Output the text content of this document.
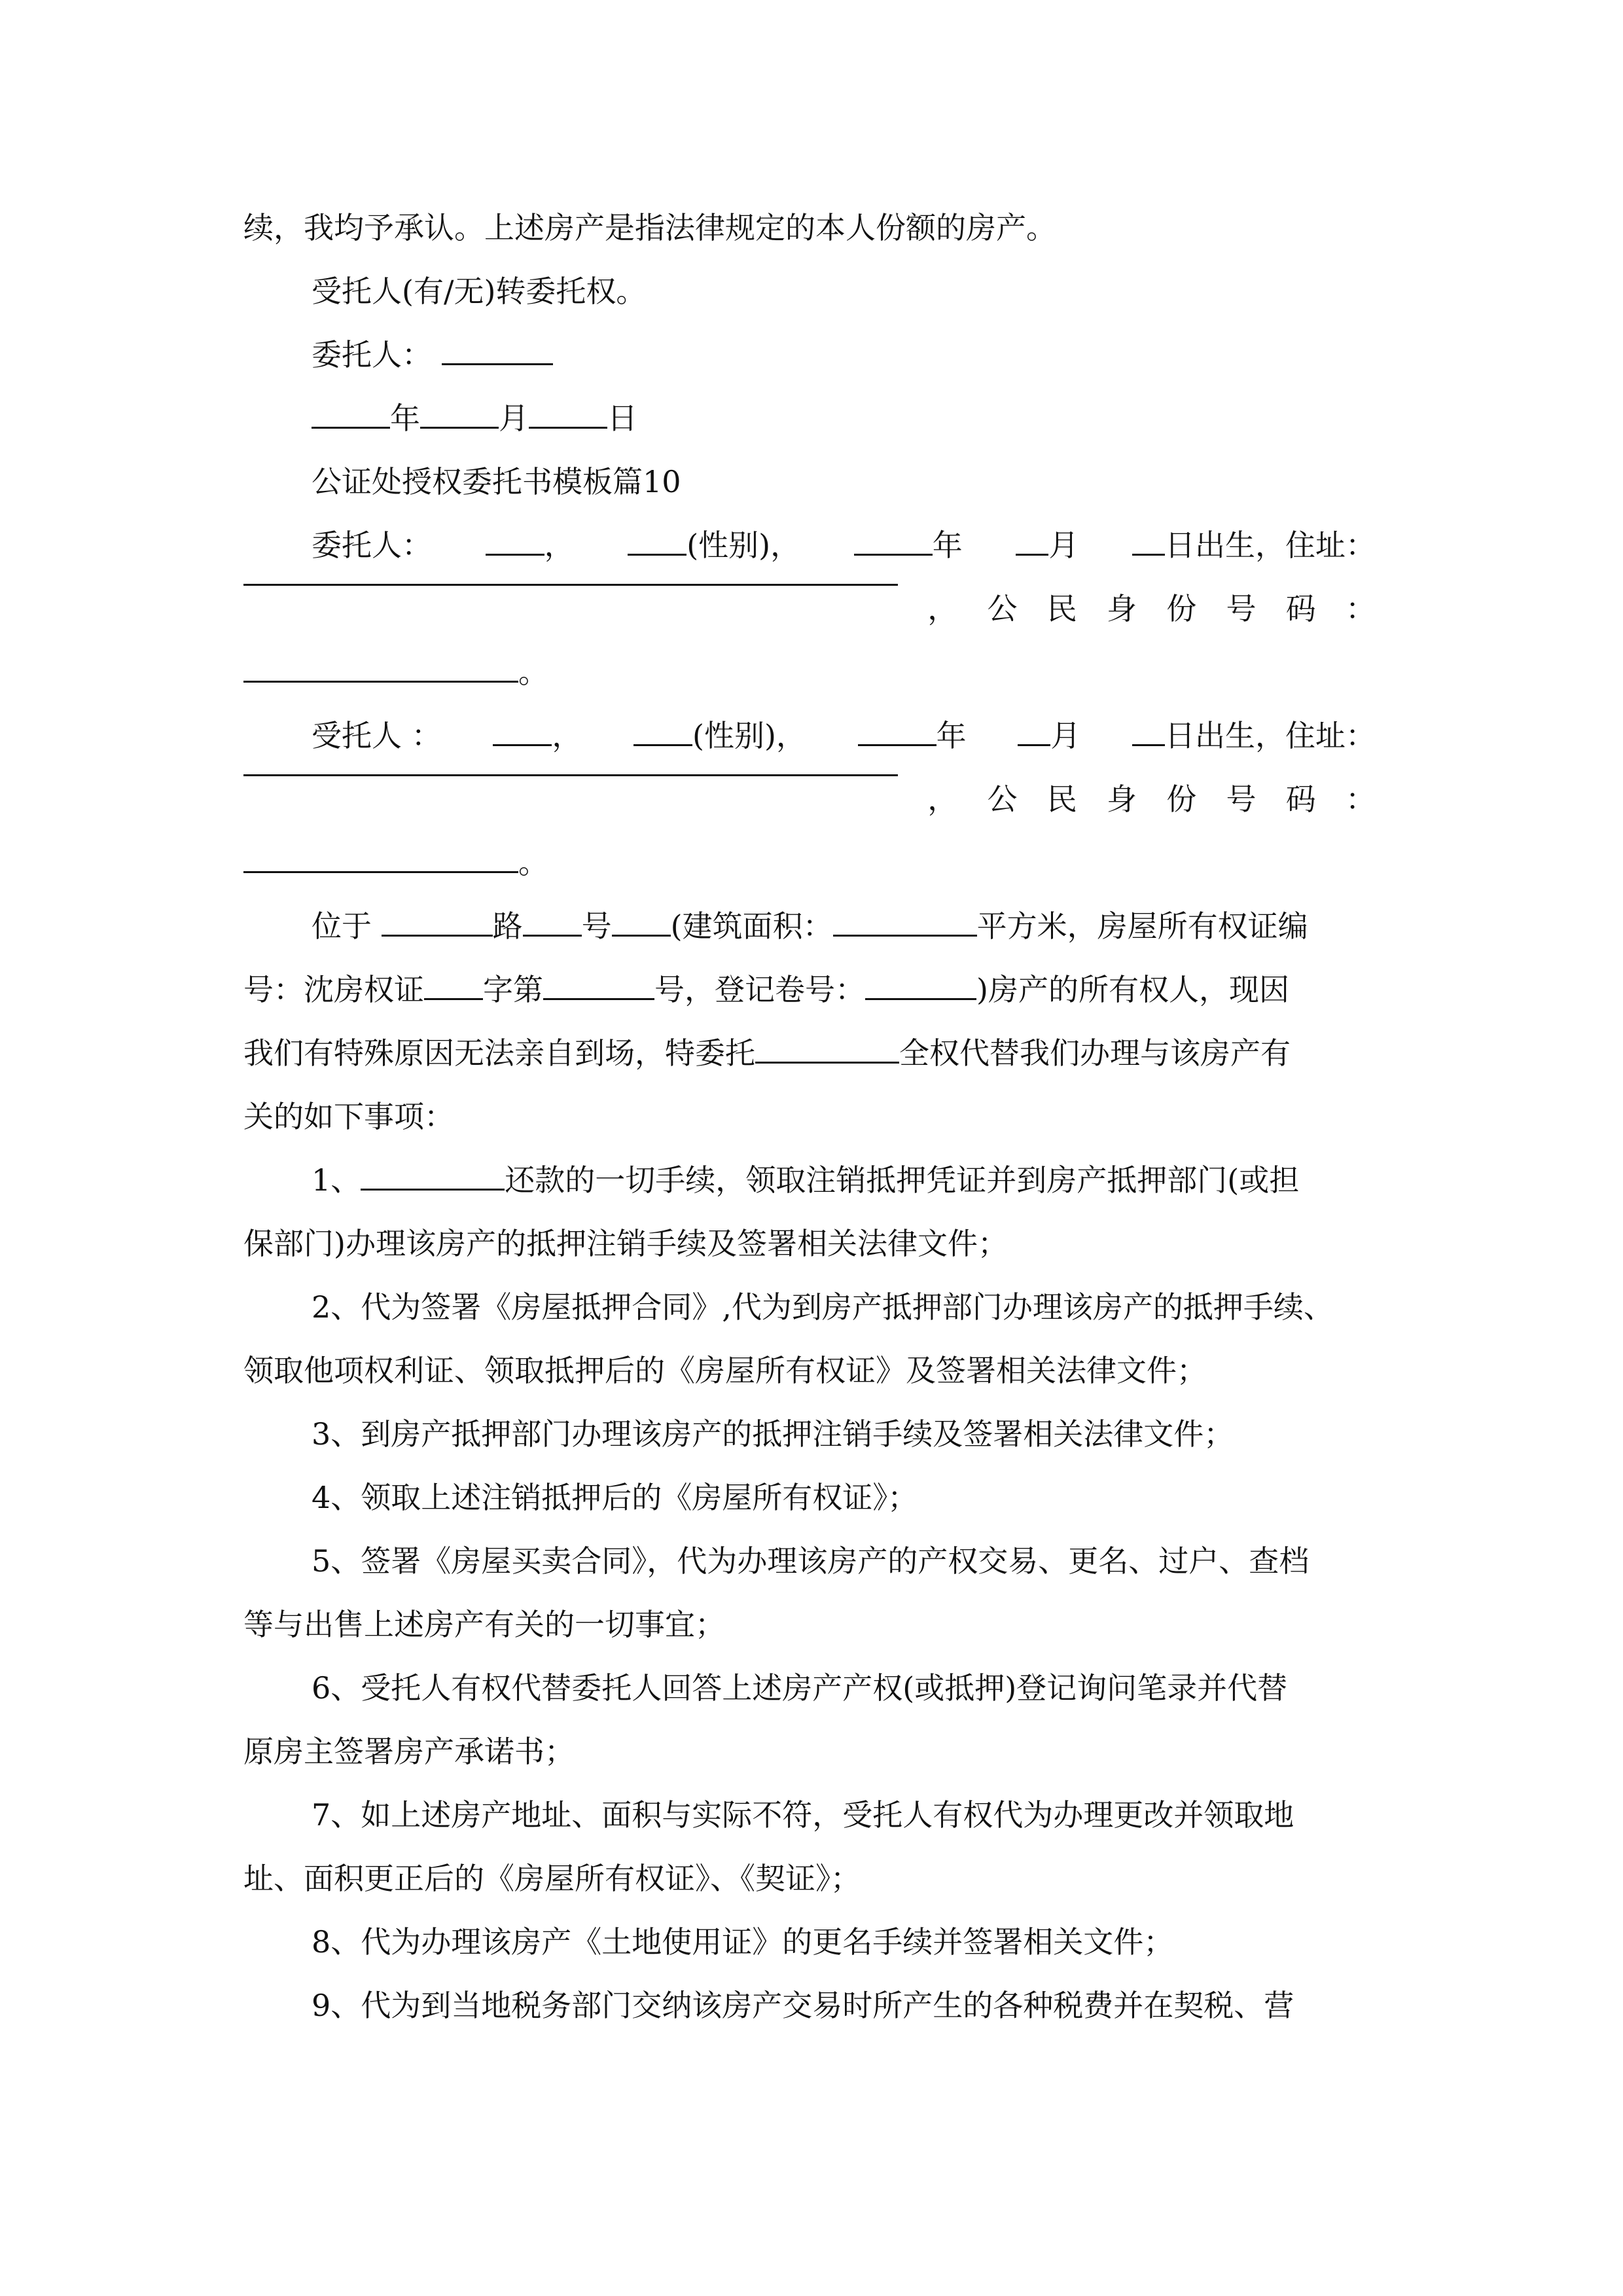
续，我均予承认。上述房产是指法律规定的本人份额的房产。
受托人(有/无)转委托权。
委托人：
年	月	日
公证处授权委托书模板篇10
委托人：	，	(性别)，	年	月	日出生，住址：
， 公 民 身 份 号 码 ：
。
受托人 ：	，	(性别)，	年	月	日出生，住址：
， 公 民 身 份 号 码 ：
。
位于	路 号 (建筑面积：	平方米，房屋所有权证编
号：沈房权证 字第	号，登记卷号：	)房产的所有权人，现因
我们有特殊原因无法亲自到场，特委托	全权代替我们办理与该房产有
关的如下事项：
1、	还款的一切手续，领取注销抵押凭证并到房产抵押部门(或担
保部门)办理该房产的抵押注销手续及签署相关法律文件；
2、代为签署《房屋抵押合同》,代为到房产抵押部门办理该房产的抵押手续、
领取他项权利证、领取抵押后的《房屋所有权证》及签署相关法律文件；
3、到房产抵押部门办理该房产的抵押注销手续及签署相关法律文件；
4、领取上述注销抵押后的《房屋所有权证》；
5、签署《房屋买卖合同》，代为办理该房产的产权交易、更名、过户、查档
等与出售上述房产有关的一切事宜；
6、受托人有权代替委托人回答上述房产产权(或抵押)登记询问笔录并代替
原房主签署房产承诺书；
7、如上述房产地址、面积与实际不符，受托人有权代为办理更改并领取地
址、面积更正后的《房屋所有权证》、《契证》；
8、代为办理该房产《土地使用证》的更名手续并签署相关文件；
9、代为到当地税务部门交纳该房产交易时所产生的各种税费并在契税、营
